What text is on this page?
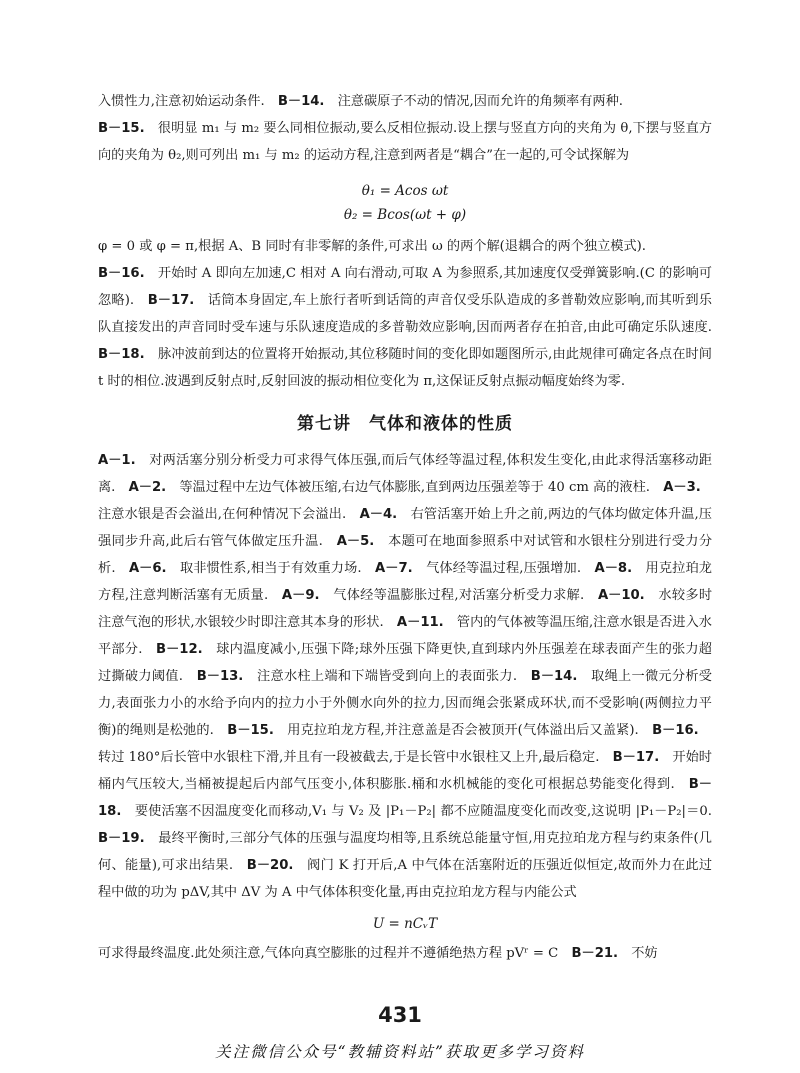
入惯性力,注意初始运动条件.　B－14.　注意碳原子不动的情况,因而允许的角频率有两种.

B－15.　很明显 m₁ 与 m₂ 要么同相位振动,要么反相位振动.设上摆与竖直方向的夹角为 θ,下摆与竖直方向的夹角为 θ₂,则可列出 m₁ 与 m₂ 的运动方程,注意到两者是“耦合”在一起的,可令试探解为

θ₁ = Acos ωt

θ₂ = Bcos(ωt + φ)

φ = 0 或 φ = π,根据 A、B 同时有非零解的条件,可求出 ω 的两个解(退耦合的两个独立模式).

B－16.　开始时 A 即向左加速,C 相对 A 向右滑动,可取 A 为参照系,其加速度仅受弹簧影响.(C 的影响可忽略).　B－17.　话筒本身固定,车上旅行者听到话筒的声音仅受乐队造成的多普勒效应影响,而其听到乐队直接发出的声音同时受车速与乐队速度造成的多普勒效应影响,因而两者存在拍音,由此可确定乐队速度.　B－18.　脉冲波前到达的位置将开始振动,其位移随时间的变化即如题图所示,由此规律可确定各点在时间 t 时的相位.波遇到反射点时,反射回波的振动相位变化为 π,这保证反射点振动幅度始终为零.

第七讲　气体和液体的性质

A－1.　对两活塞分别分析受力可求得气体压强,而后气体经等温过程,体积发生变化,由此求得活塞移动距离.　A－2.　等温过程中左边气体被压缩,右边气体膨胀,直到两边压强差等于 40 cm 高的液柱.　A－3.　注意水银是否会溢出,在何种情况下会溢出.　A－4.　右管活塞开始上升之前,两边的气体均做定体升温,压强同步升高,此后右管气体做定压升温.　A－5.　本题可在地面参照系中对试管和水银柱分别进行受力分析.　A－6.　取非惯性系,相当于有效重力场.　A－7.　气体经等温过程,压强增加.　A－8.　用克拉珀龙方程,注意判断活塞有无质量.　A－9.　气体经等温膨胀过程,对活塞分析受力求解.　A－10.　水较多时注意气泡的形状,水银较少时即注意其本身的形状.　A－11.　管内的气体被等温压缩,注意水银是否进入水平部分.　B－12.　球内温度减小,压强下降;球外压强下降更快,直到球内外压强差在球表面产生的张力超过撕破力阈值.　B－13.　注意水柱上端和下端皆受到向上的表面张力.　B－14.　取绳上一微元分析受力,表面张力小的水给予向内的拉力小于外侧水向外的拉力,因而绳会张紧成环状,而不受影响(两侧拉力平衡)的绳则是松弛的.　B－15.　用克拉珀龙方程,并注意盖是否会被顶开(气体溢出后又盖紧).　B－16.　转过 180°后长管中水银柱下滑,并且有一段被截去,于是长管中水银柱又上升,最后稳定.　B－17.　开始时桶内气压较大,当桶被提起后内部气压变小,体积膨胀.桶和水机械能的变化可根据总势能变化得到.　B－18.　要使活塞不因温度变化而移动,V₁ 与 V₂ 及 |P₁－P₂| 都不应随温度变化而改变,这说明 |P₁－P₂|＝0.　B－19.　最终平衡时,三部分气体的压强与温度均相等,且系统总能量守恒,用克拉珀龙方程与约束条件(几何、能量),可求出结果.　B－20.　阀门 K 打开后,A 中气体在活塞附近的压强近似恒定,故而外力在此过程中做的功为 pΔV,其中 ΔV 为 A 中气体体积变化量,再由克拉珀龙方程与内能公式

U = nCᵥT

可求得最终温度.此处须注意,气体向真空膨胀的过程并不遵循绝热方程 pVʳ = C　B－21.　不妨

431
关注微信公众号“教辅资料站”获取更多学习资料
